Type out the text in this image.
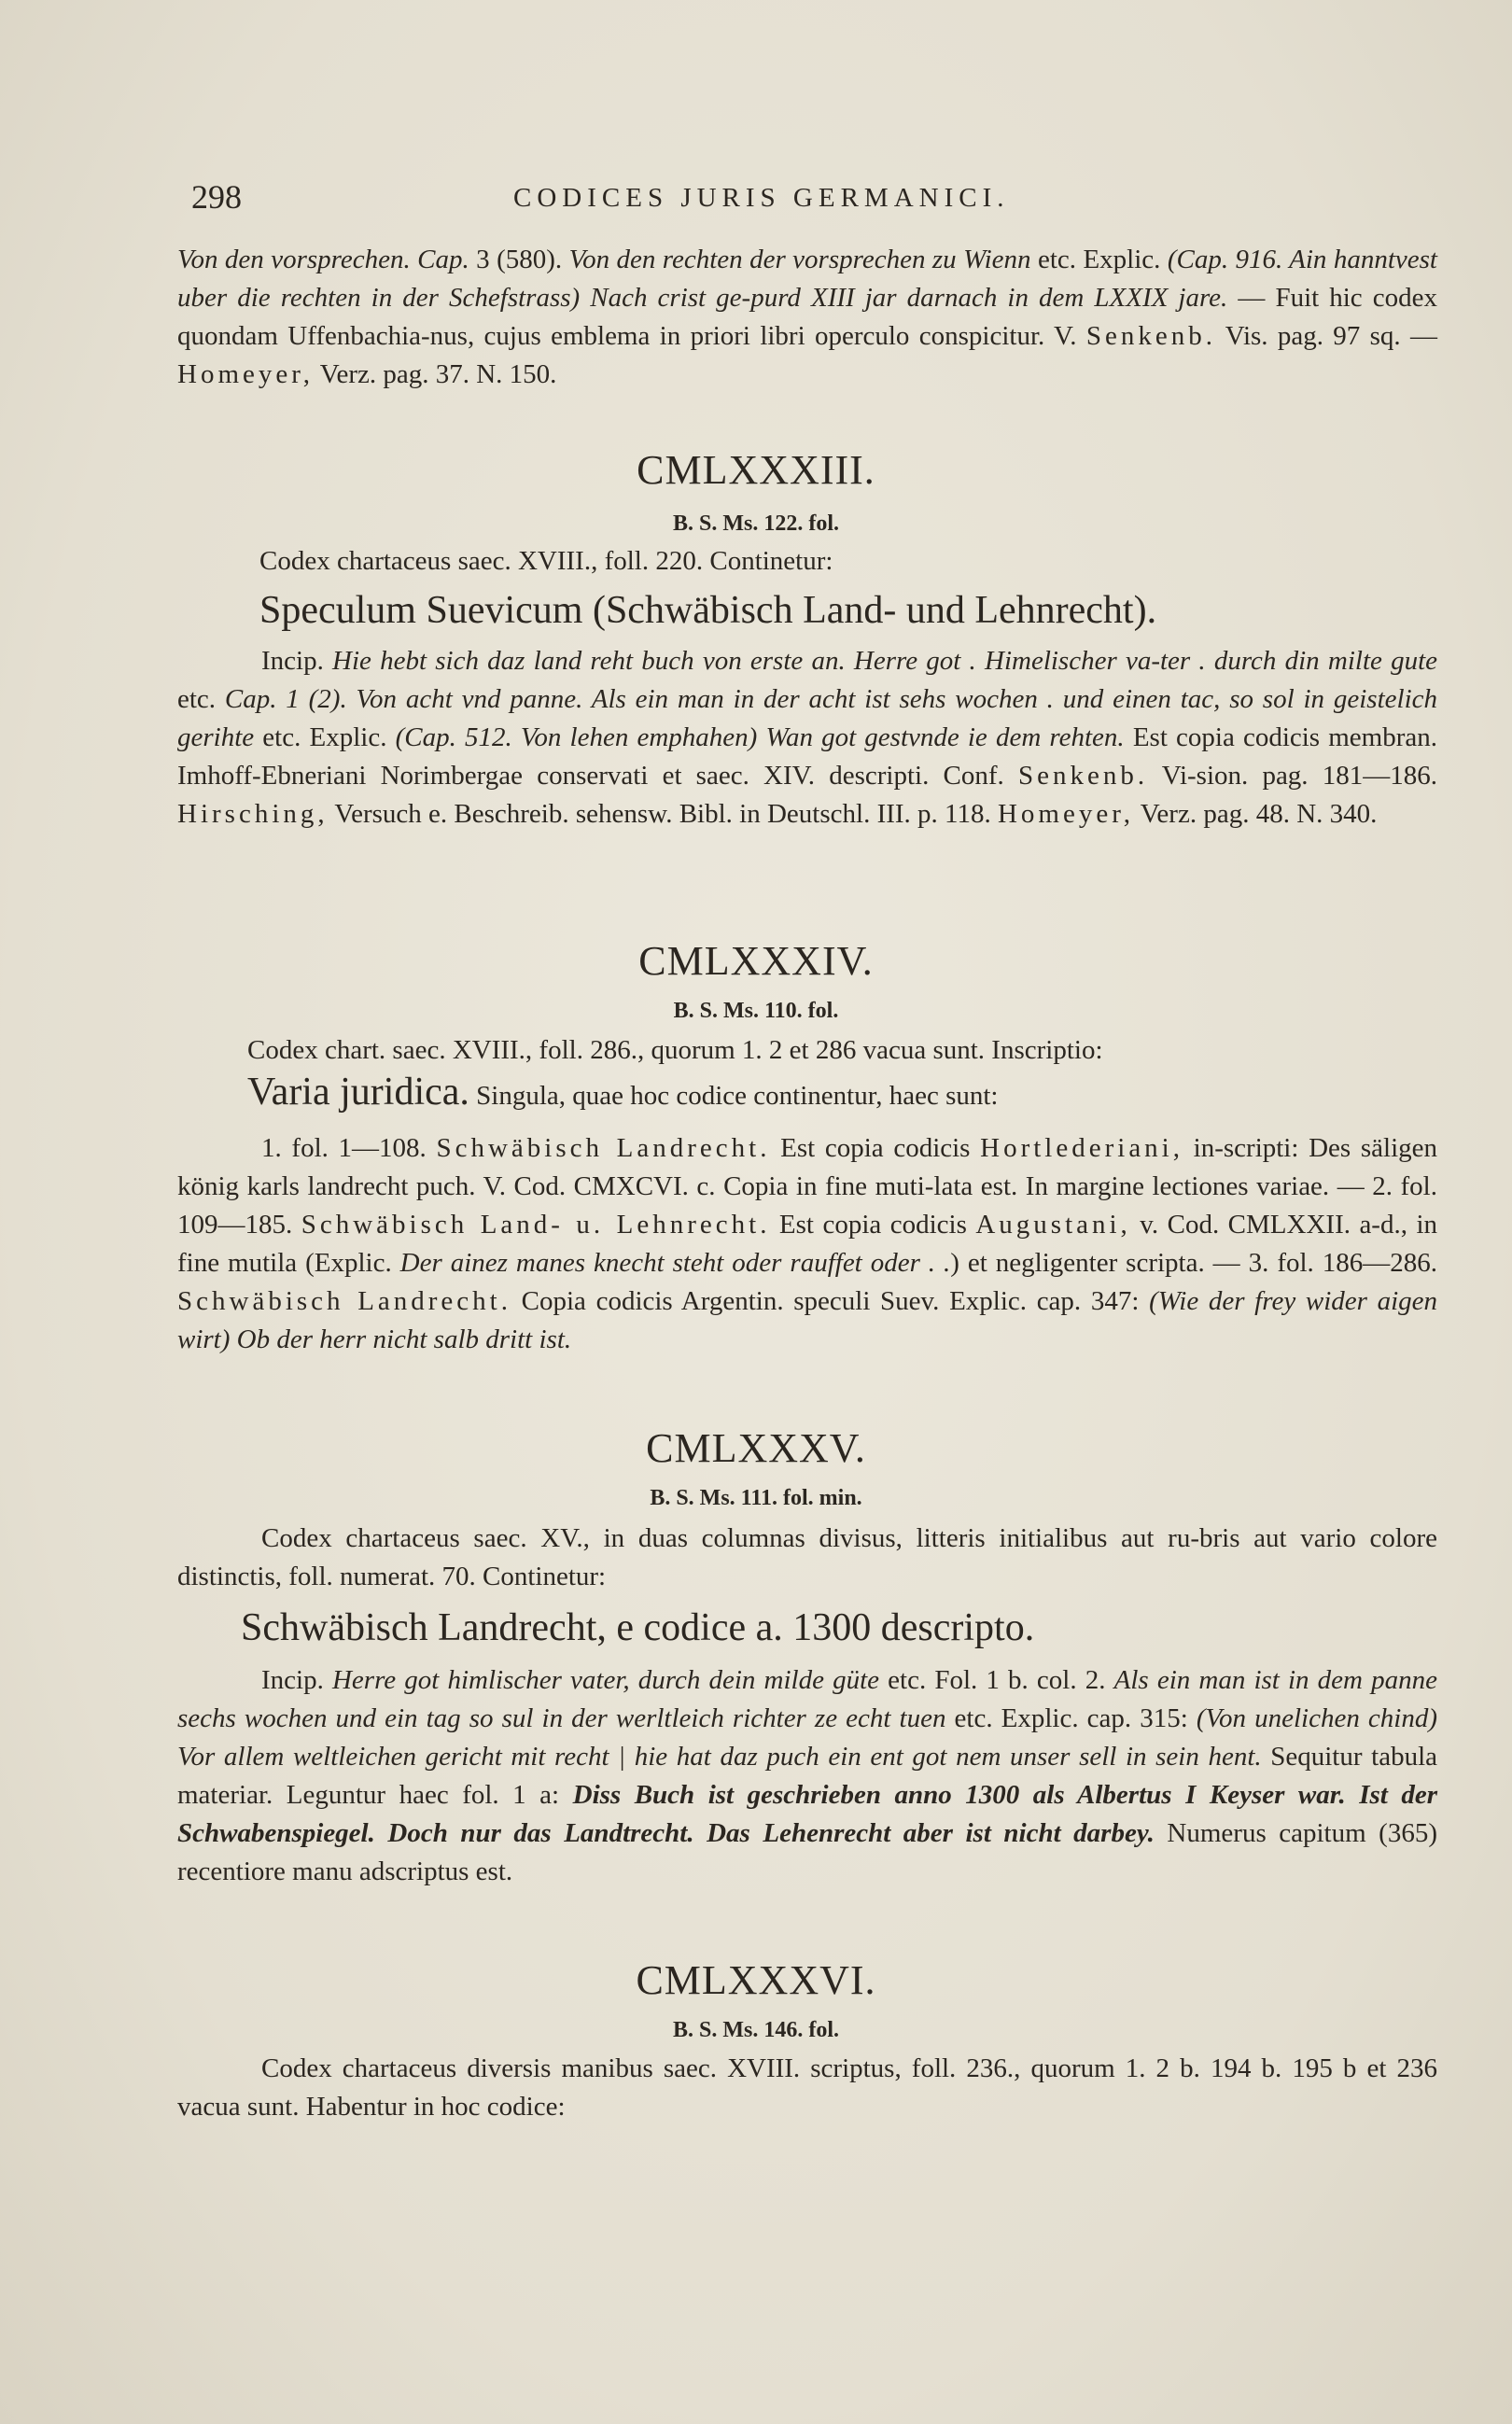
298	CODICES JURIS GERMANICI.
Von den vorsprechen. Cap. 3 (580). Von den rechten der vorsprechen zu Wienn etc. Explic. (Cap. 916. Ain hanntvest uber die rechten in der Schefstrass) Nach crist ge-purd XIII jar darnach in dem LXXIX jare. — Fuit hic codex quondam Uffenbachia-nus, cujus emblema in priori libri operculo conspicitur. V. Senkenb. Vis. pag. 97 sq. — Homeyer, Verz. pag. 37. N. 150.
CMLXXXIII.
B. S. Ms. 122. fol.
Codex chartaceus saec. XVIII., foll. 220. Continetur:
Speculum Suevicum (Schwäbisch Land- und Lehnrecht).
Incip. Hie hebt sich daz land reht buch von erste an. Herre got . Himelischer va-ter . durch din milte gute etc. Cap. 1 (2). Von acht vnd panne. Als ein man in der acht ist sehs wochen . und einen tac, so sol in geistelich gerihte etc. Explic. (Cap. 512. Von lehen emphahen) Wan got gestvnde ie dem rehten. Est copia codicis membran. Imhoff-Ebneriani Norimbergae conservati et saec. XIV. descripti. Conf. Senkenb. Vi-sion. pag. 181—186. Hirsching, Versuch e. Beschreib. sehensw. Bibl. in Deutschl. III. p. 118. Homeyer, Verz. pag. 48. N. 340.
CMLXXXIV.
B. S. Ms. 110. fol.
Codex chart. saec. XVIII., foll. 286., quorum 1. 2 et 286 vacua sunt. Inscriptio:
Varia juridica. Singula, quae hoc codice continentur, haec sunt:
1. fol. 1—108. Schwäbisch Landrecht. Est copia codicis Hortlederiani, in-scripti: Des säligen könig karls landrecht puch. V. Cod. CMXCVI. c. Copia in fine muti-lata est. In margine lectiones variae. — 2. fol. 109—185. Schwäbisch Land- u. Lehnrecht. Est copia codicis Augustani, v. Cod. CMLXXII. a-d., in fine mutila (Explic. Der ainez manes knecht steht oder rauffet oder . .) et negligenter scripta. — 3. fol. 186—286. Schwäbisch Landrecht. Copia codicis Argentin. speculi Suev. Explic. cap. 347: (Wie der frey wider aigen wirt) Ob der herr nicht salb dritt ist.
CMLXXXV.
B. S. Ms. 111. fol. min.
Codex chartaceus saec. XV., in duas columnas divisus, litteris initialibus aut ru-bris aut vario colore distinctis, foll. numerat. 70. Continetur:
Schwäbisch Landrecht, e codice a. 1300 descripto.
Incip. Herre got himlischer vater, durch dein milde güte etc. Fol. 1 b. col. 2. Als ein man ist in dem panne sechs wochen und ein tag so sul in der werltleich richter ze echt tuen etc. Explic. cap. 315: (Von unelichen chind) Vor allem weltleichen gericht mit recht | hie hat daz puch ein ent got nem unser sell in sein hent. Sequitur tabula materiar. Leguntur haec fol. 1 a: Diss Buch ist geschrieben anno 1300 als Albertus I Keyser war. Ist der Schwabenspiegel. Doch nur das Landtrecht. Das Lehenrecht aber ist nicht darbey. Numerus capitum (365) recentiore manu adscriptus est.
CMLXXXVI.
B. S. Ms. 146. fol.
Codex chartaceus diversis manibus saec. XVIII. scriptus, foll. 236., quorum 1. 2 b. 194 b. 195 b et 236 vacua sunt. Habentur in hoc codice:
